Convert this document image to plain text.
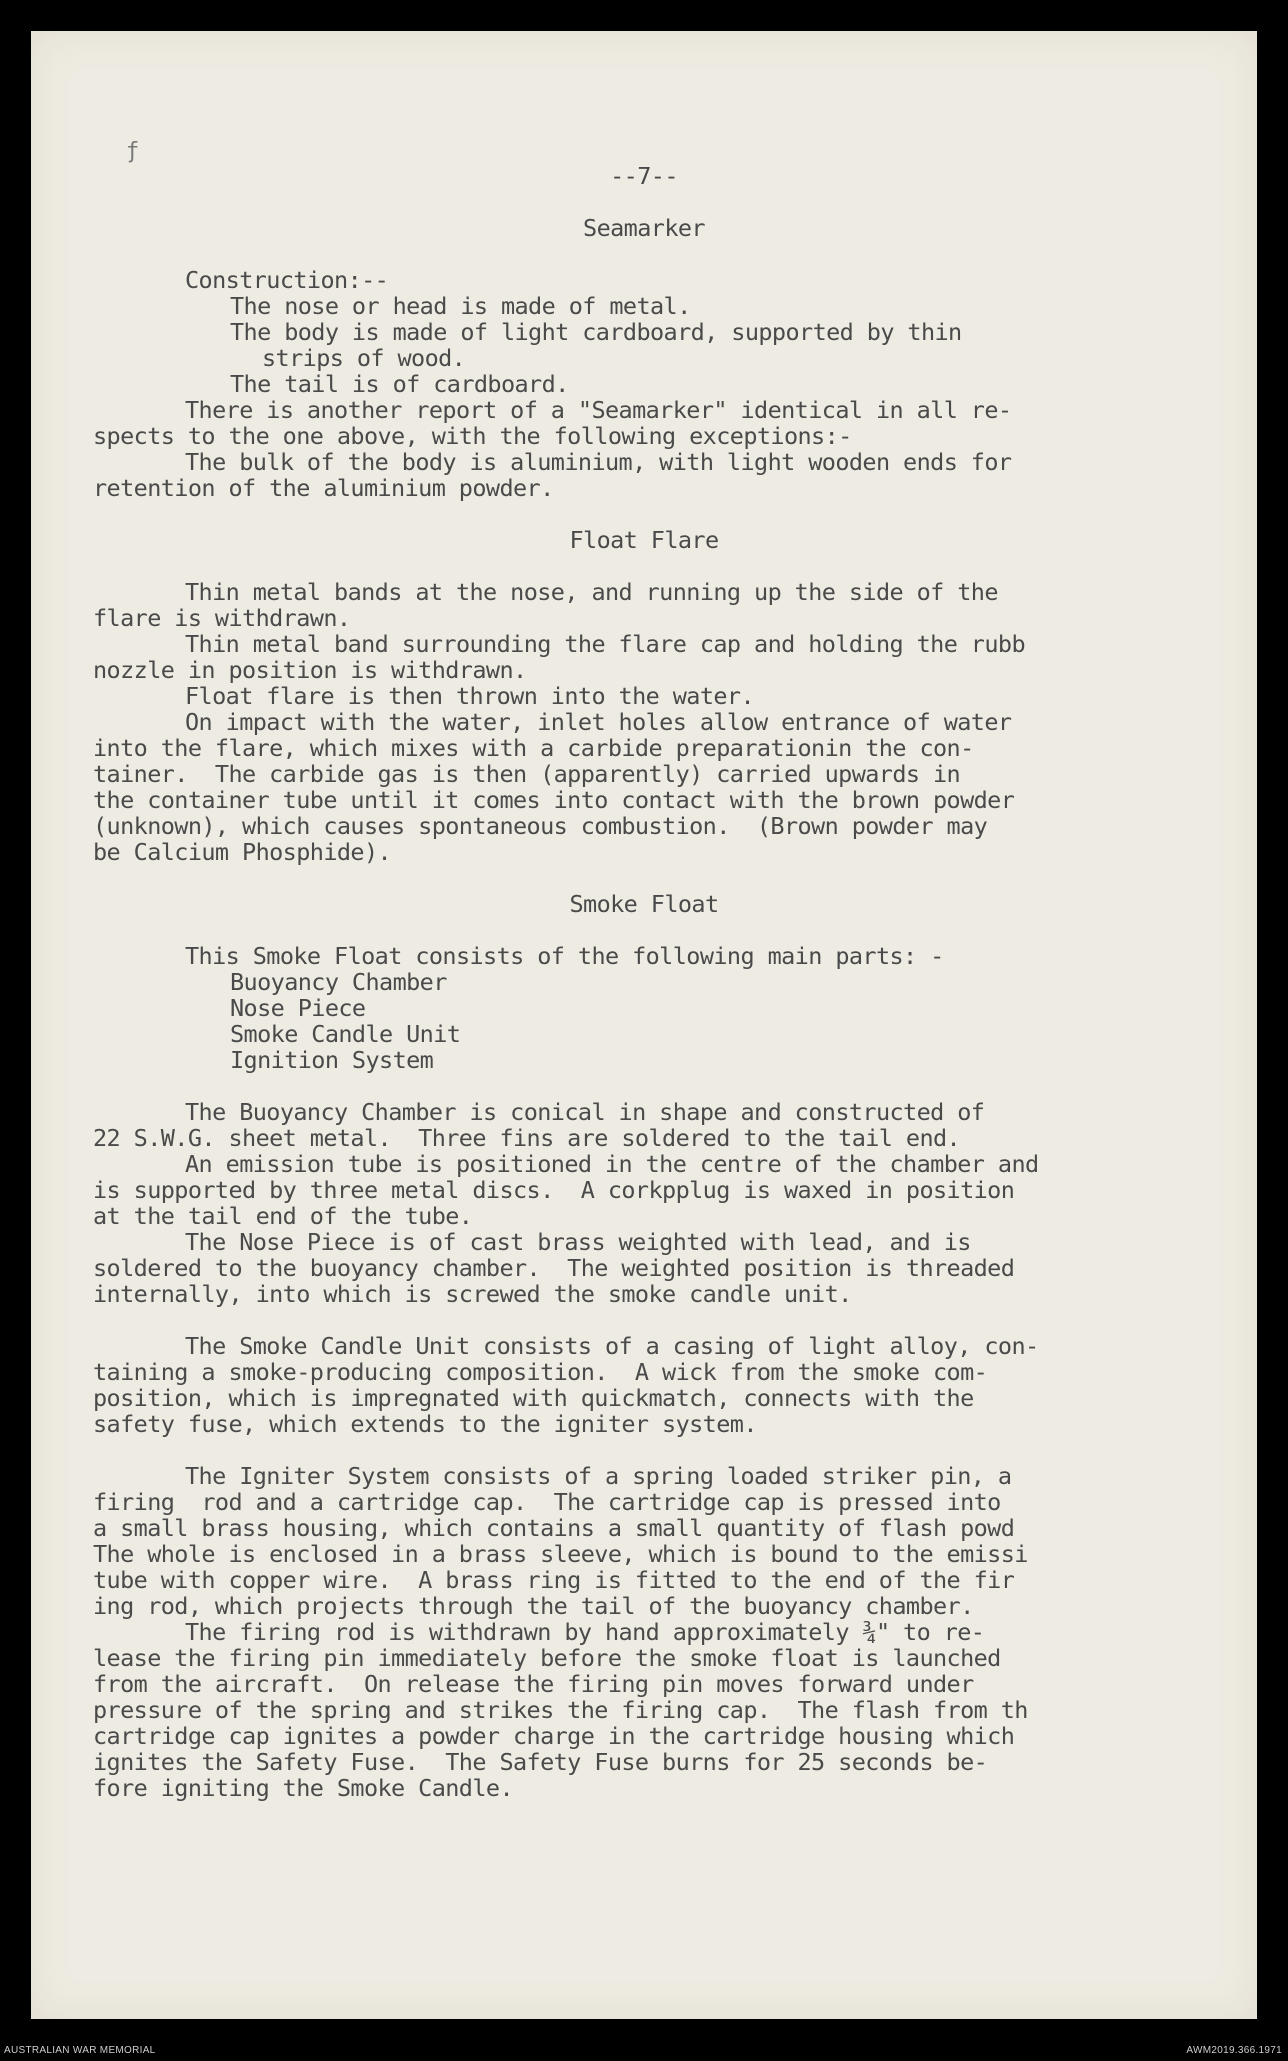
ƒ

--7--

Seamarker

Construction:--

The nose or head is made of metal.

The body is made of light cardboard, supported by thin

strips of wood.

The tail is of cardboard.

There is another report of a "Seamarker" identical in all re-

spects to the one above, with the following exceptions:-

The bulk of the body is aluminium, with light wooden ends for

retention of the aluminium powder.

Float Flare

Thin metal bands at the nose, and running up the side of the

flare is withdrawn.

Thin metal band surrounding the flare cap and holding the rubb

nozzle in position is withdrawn.

Float flare is then thrown into the water.

On impact with the water, inlet holes allow entrance of water

into the flare, which mixes with a carbide preparationin the con-

tainer.  The carbide gas is then (apparently) carried upwards in

the container tube until it comes into contact with the brown powder

(unknown), which causes spontaneous combustion.  (Brown powder may

be Calcium Phosphide).

Smoke Float

This Smoke Float consists of the following main parts: -

Buoyancy Chamber

Nose Piece

Smoke Candle Unit

Ignition System

The Buoyancy Chamber is conical in shape and constructed of

22 S.W.G. sheet metal.  Three fins are soldered to the tail end.

An emission tube is positioned in the centre of the chamber and

is supported by three metal discs.  A corkpplug is waxed in position

at the tail end of the tube.

The Nose Piece is of cast brass weighted with lead, and is

soldered to the buoyancy chamber.  The weighted position is threaded

internally, into which is screwed the smoke candle unit.

The Smoke Candle Unit consists of a casing of light alloy, con-

taining a smoke-producing composition.  A wick from the smoke com-

position, which is impregnated with quickmatch, connects with the

safety fuse, which extends to the igniter system.

The Igniter System consists of a spring loaded striker pin, a

firing  rod and a cartridge cap.  The cartridge cap is pressed into

a small brass housing, which contains a small quantity of flash powd

The whole is enclosed in a brass sleeve, which is bound to the emissi

tube with copper wire.  A brass ring is fitted to the end of the fir

ing rod, which projects through the tail of the buoyancy chamber.

The firing rod is withdrawn by hand approximately ¾" to re-

lease the firing pin immediately before the smoke float is launched

from the aircraft.  On release the firing pin moves forward under

pressure of the spring and strikes the firing cap.  The flash from th

cartridge cap ignites a powder charge in the cartridge housing which

ignites the Safety Fuse.  The Safety Fuse burns for 25 seconds be-

fore igniting the Smoke Candle.

AUSTRALIAN WAR MEMORIAL	AWM2019.366.1971
